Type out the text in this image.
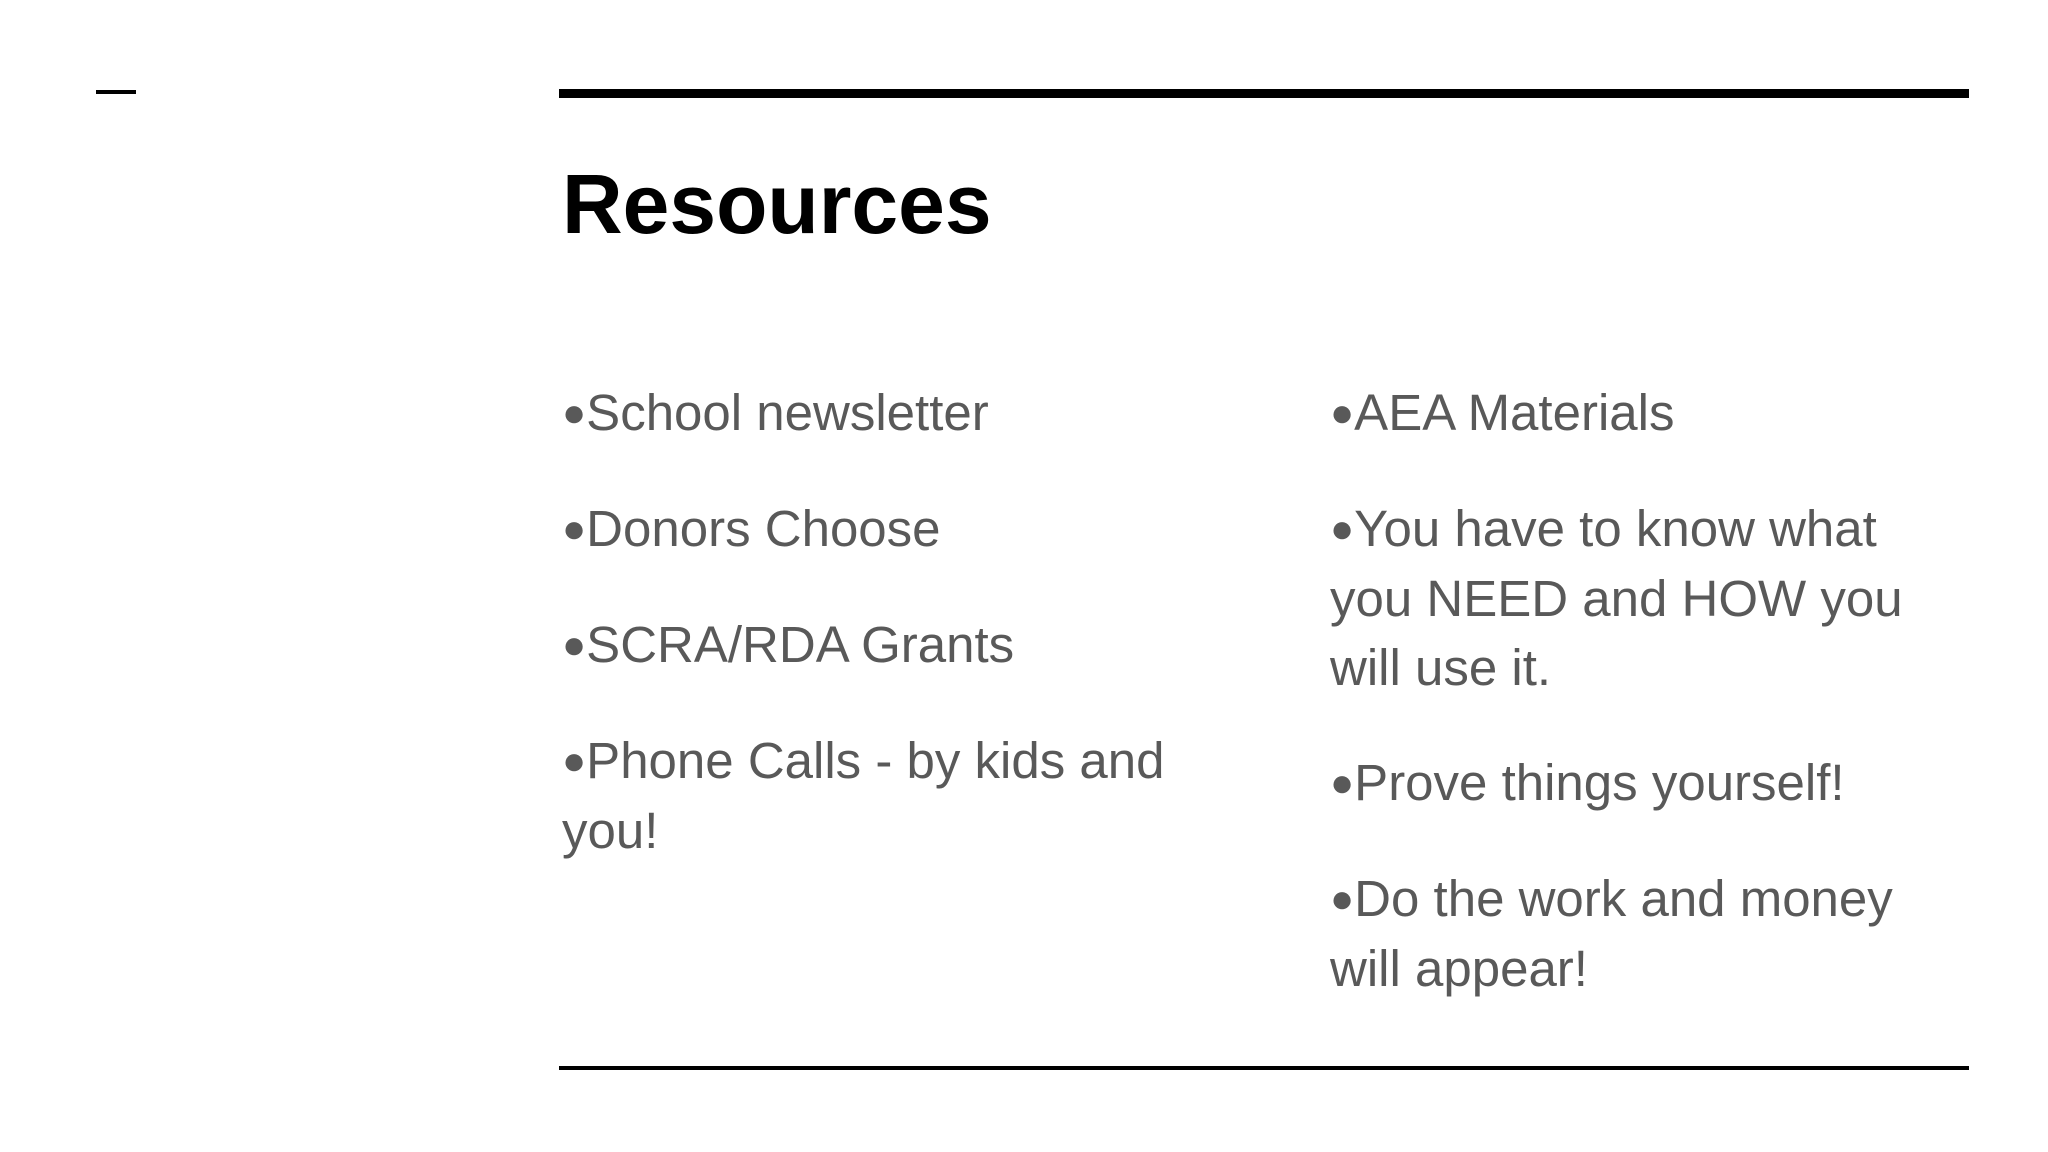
Resources
●School newsletter
●Donors Choose
●SCRA/RDA Grants
●Phone Calls - by kids and you!
●AEA Materials
●You have to know what you NEED and HOW you will use it.
●Prove things yourself!
●Do the work and money will appear!
